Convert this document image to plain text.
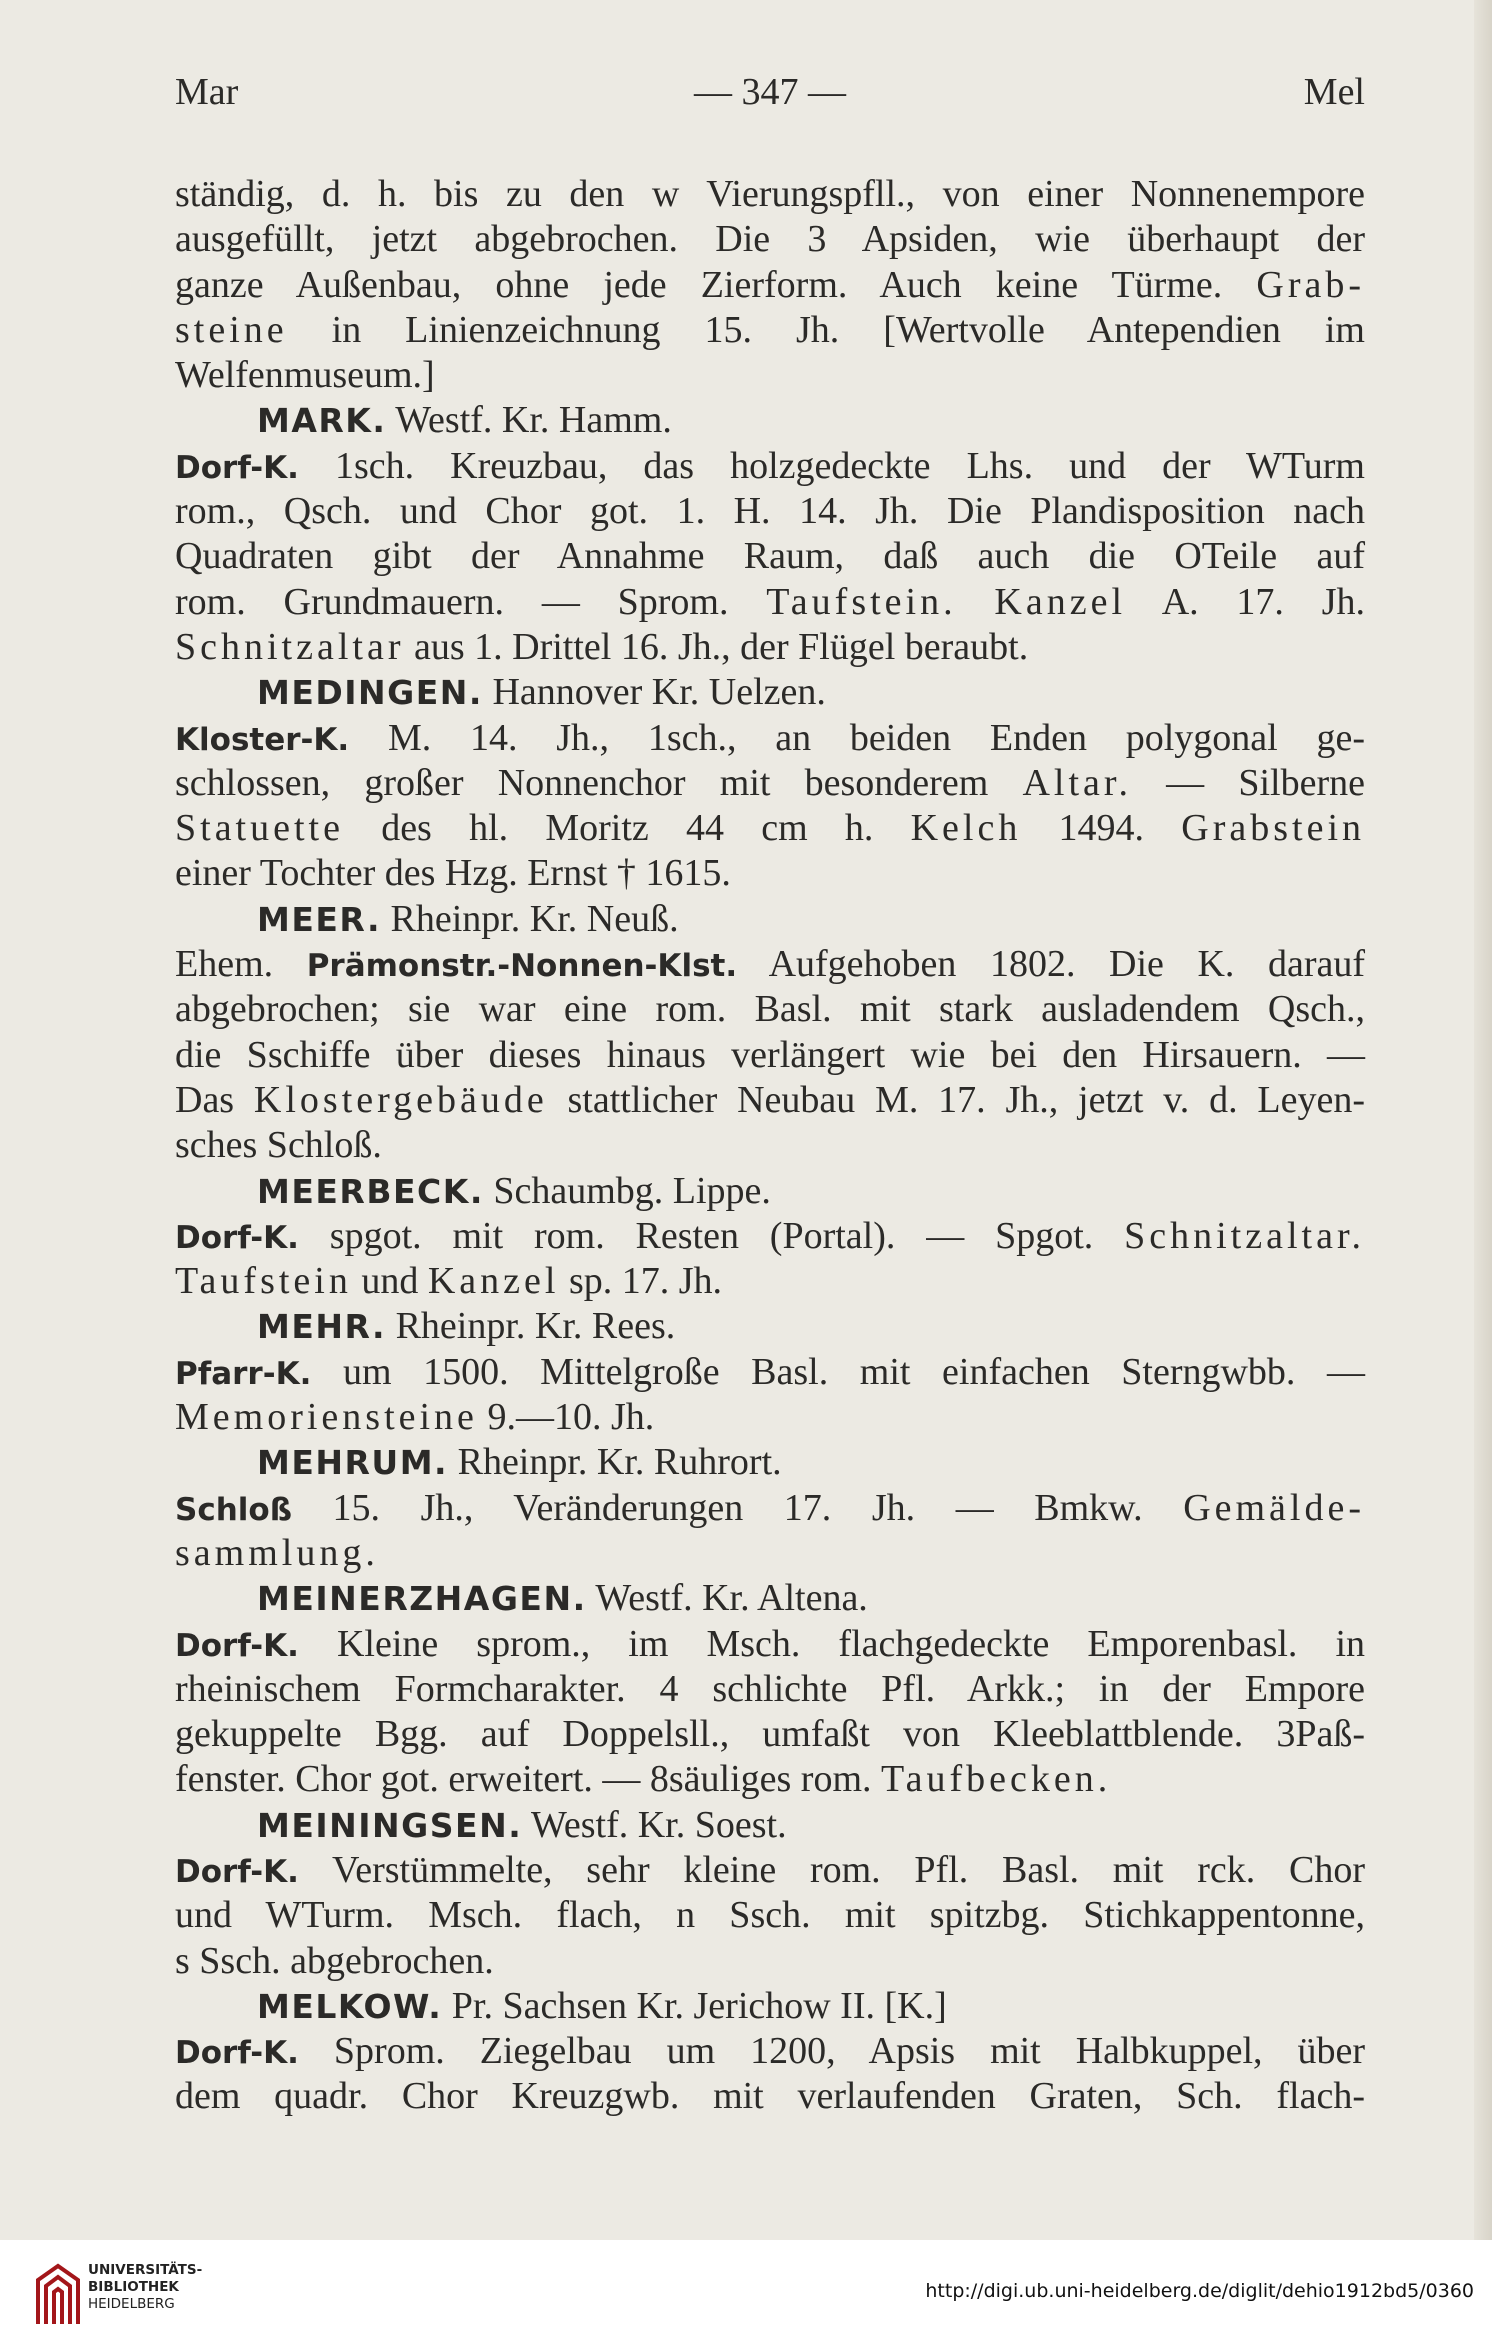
Mar	— 347 —	Mel
ständig, d. h. bis zu den w Vierungspfll., von einer Nonnenempore
ausgefüllt, jetzt abgebrochen. Die 3 Apsiden, wie überhaupt der
ganze Außenbau, ohne jede Zierform. Auch keine Türme. Grab-
steine in Linienzeichnung 15. Jh. [Wertvolle Antependien im
Welfenmuseum.]
MARK. Westf. Kr. Hamm.
Dorf-K. 1sch. Kreuzbau, das holzgedeckte Lhs. und der WTurm
rom., Qsch. und Chor got. 1. H. 14. Jh. Die Plandisposition nach
Quadraten gibt der Annahme Raum, daß auch die OTeile auf
rom. Grundmauern. — Sprom. Taufstein. Kanzel A. 17. Jh.
Schnitzaltar aus 1. Drittel 16. Jh., der Flügel beraubt.
MEDINGEN. Hannover Kr. Uelzen.
Kloster-K. M. 14. Jh., 1sch., an beiden Enden polygonal ge-
schlossen, großer Nonnenchor mit besonderem Altar. — Silberne
Statuette des hl. Moritz 44 cm h. Kelch 1494. Grabstein
einer Tochter des Hzg. Ernst † 1615.
MEER. Rheinpr. Kr. Neuß.
Ehem. Prämonstr.-Nonnen-Klst. Aufgehoben 1802. Die K. darauf
abgebrochen; sie war eine rom. Basl. mit stark ausladendem Qsch.,
die Sschiffe über dieses hinaus verlängert wie bei den Hirsauern. —
Das Klostergebäude stattlicher Neubau M. 17. Jh., jetzt v. d. Leyen-
sches Schloß.
MEERBECK. Schaumbg. Lippe.
Dorf-K. spgot. mit rom. Resten (Portal). — Spgot. Schnitzaltar.
Taufstein und Kanzel sp. 17. Jh.
MEHR. Rheinpr. Kr. Rees.
Pfarr-K. um 1500. Mittelgroße Basl. mit einfachen Sterngwbb. —
Memoriensteine 9.—10. Jh.
MEHRUM. Rheinpr. Kr. Ruhrort.
Schloß 15. Jh., Veränderungen 17. Jh. — Bmkw. Gemälde-
sammlung.
MEINERZHAGEN. Westf. Kr. Altena.
Dorf-K. Kleine sprom., im Msch. flachgedeckte Emporenbasl. in
rheinischem Formcharakter. 4 schlichte Pfl. Arkk.; in der Empore
gekuppelte Bgg. auf Doppelsll., umfaßt von Kleeblattblende. 3Paß-
fenster. Chor got. erweitert. — 8säuliges rom. Taufbecken.
MEININGSEN. Westf. Kr. Soest.
Dorf-K. Verstümmelte, sehr kleine rom. Pfl. Basl. mit rck. Chor
und WTurm. Msch. flach, n Ssch. mit spitzbg. Stichkappentonne,
s Ssch. abgebrochen.
MELKOW. Pr. Sachsen Kr. Jerichow II. [K.]
Dorf-K. Sprom. Ziegelbau um 1200, Apsis mit Halbkuppel, über
dem quadr. Chor Kreuzgwb. mit verlaufenden Graten, Sch. flach-
UNIVERSITÄTS-
BIBLIOTHEK
HEIDELBERG
http://digi.ub.uni-heidelberg.de/diglit/dehio1912bd5/0360
